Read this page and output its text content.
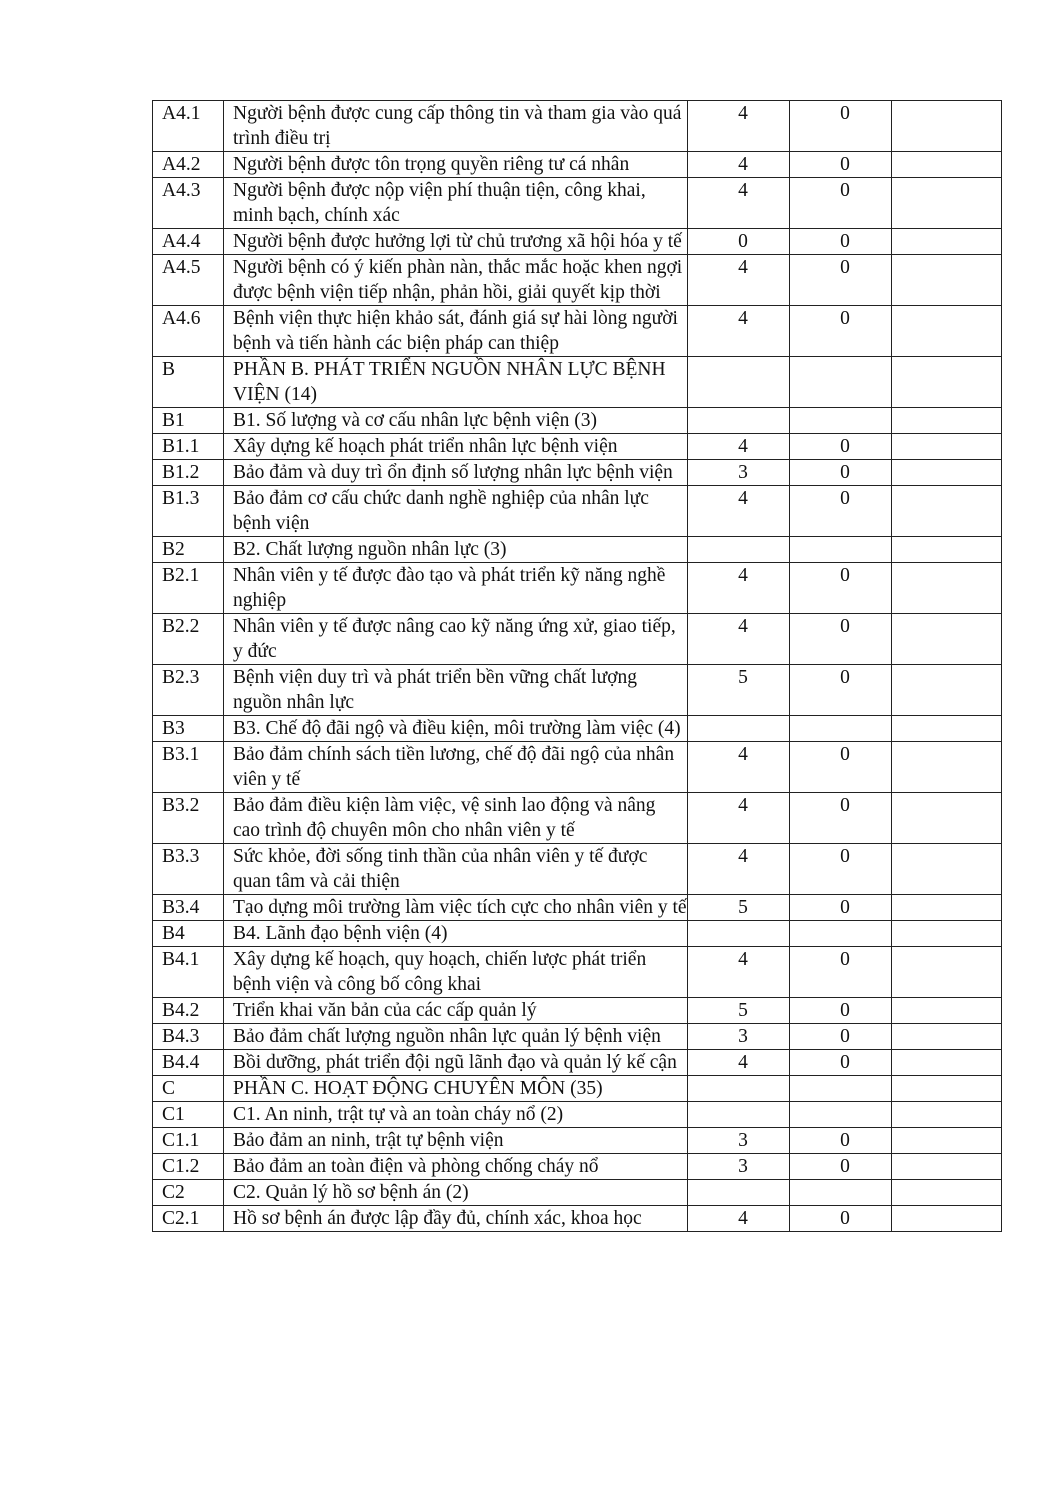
A4.1	Người bệnh được cung cấp thông tin và tham gia vào quá trình điều trị	4	0	
A4.2	Người bệnh được tôn trọng quyền riêng tư cá nhân	4	0	
A4.3	Người bệnh được nộp viện phí thuận tiện, công khai, minh bạch, chính xác	4	0	
A4.4	Người bệnh được hưởng lợi từ chủ trương xã hội hóa y tế	0	0	
A4.5	Người bệnh có ý kiến phàn nàn, thắc mắc hoặc khen ngợi được bệnh viện tiếp nhận, phản hồi, giải quyết kịp thời	4	0	
A4.6	Bệnh viện thực hiện khảo sát, đánh giá sự hài lòng người bệnh và tiến hành các biện pháp can thiệp	4	0	
B	PHẦN B. PHÁT TRIỂN NGUỒN NHÂN LỰC BỆNH VIỆN (14)			
B1	B1. Số lượng và cơ cấu nhân lực bệnh viện (3)			
B1.1	Xây dựng kế hoạch phát triển nhân lực bệnh viện	4	0	
B1.2	Bảo đảm và duy trì ổn định số lượng nhân lực bệnh viện	3	0	
B1.3	Bảo đảm cơ cấu chức danh nghề nghiệp của nhân lực bệnh viện	4	0	
B2	B2. Chất lượng nguồn nhân lực (3)			
B2.1	Nhân viên y tế được đào tạo và phát triển kỹ năng nghề nghiệp	4	0	
B2.2	Nhân viên y tế được nâng cao kỹ năng ứng xử, giao tiếp, y đức	4	0	
B2.3	Bệnh viện duy trì và phát triển bền vững chất lượng nguồn nhân lực	5	0	
B3	B3. Chế độ đãi ngộ và điều kiện, môi trường làm việc (4)			
B3.1	Bảo đảm chính sách tiền lương, chế độ đãi ngộ của nhân viên y tế	4	0	
B3.2	Bảo đảm điều kiện làm việc, vệ sinh lao động và nâng cao trình độ chuyên môn cho nhân viên y tế	4	0	
B3.3	Sức khỏe, đời sống tinh thần của nhân viên y tế được quan tâm và cải thiện	4	0	
B3.4	Tạo dựng môi trường làm việc tích cực cho nhân viên y tế	5	0	
B4	B4. Lãnh đạo bệnh viện (4)			
B4.1	Xây dựng kế hoạch, quy hoạch, chiến lược phát triển bệnh viện và công bố công khai	4	0	
B4.2	Triển khai văn bản của các cấp quản lý	5	0	
B4.3	Bảo đảm chất lượng nguồn nhân lực quản lý bệnh viện	3	0	
B4.4	Bồi dưỡng, phát triển đội ngũ lãnh đạo và quản lý kế cận	4	0	
C	PHẦN C. HOẠT ĐỘNG CHUYÊN MÔN (35)			
C1	C1. An ninh, trật tự và an toàn cháy nổ (2)			
C1.1	Bảo đảm an ninh, trật tự bệnh viện	3	0	
C1.2	Bảo đảm an toàn điện và phòng chống cháy nổ	3	0	
C2	C2. Quản lý hồ sơ bệnh án (2)			
C2.1	Hồ sơ bệnh án được lập đầy đủ, chính xác, khoa học	4	0	
